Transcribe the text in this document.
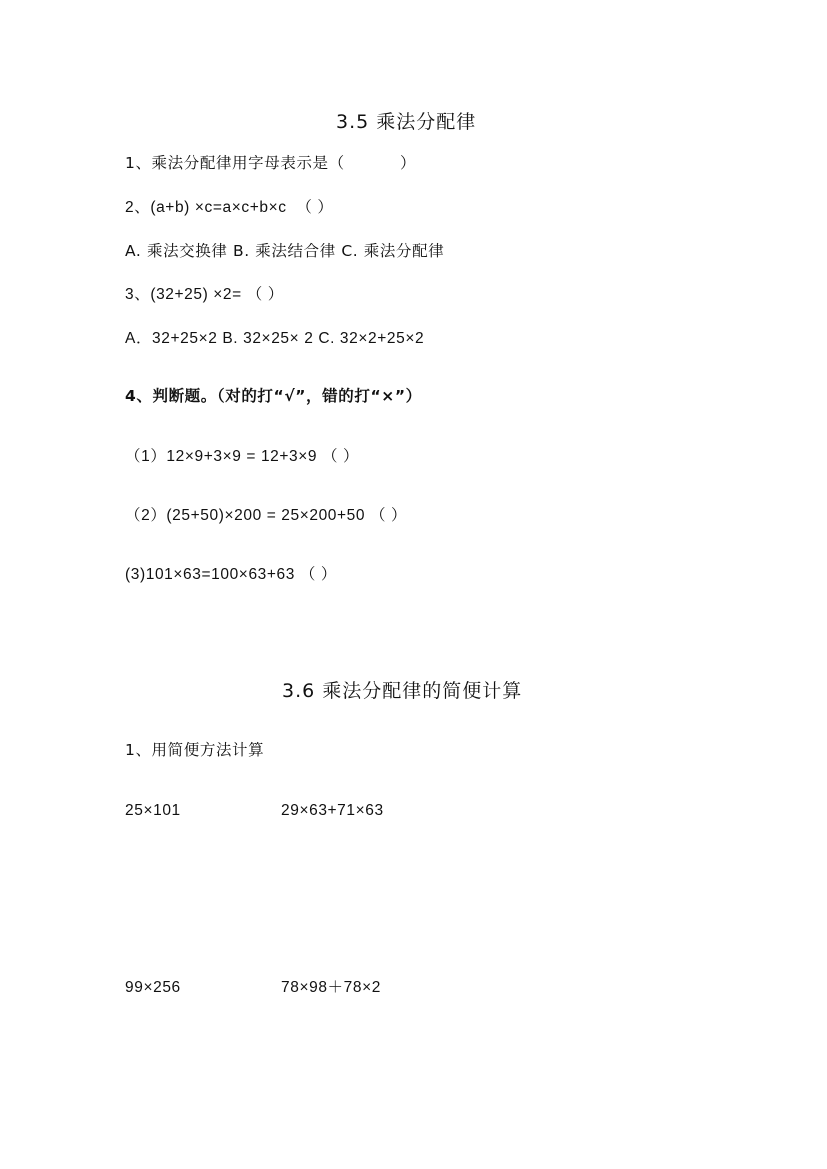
3.5 乘法分配律
1、乘法分配律用字母表示是（          ）
2、(a+b) ×c=a×c+b×c  （ ）
A. 乘法交换律 B. 乘法结合律 C. 乘法分配律
3、(32+25) ×2= （ ）
A．32+25×2 B. 32×25× 2 C. 32×2+25×2
4、判断题。（对的打“√”，错的打“×”）
（1）12×9+3×9 = 12+3×9 （ ）
（2）(25+50)×200 = 25×200+50 （ ）
(3)101×63=100×63+63 （ ）
3.6 乘法分配律的简便计算
1、用简便方法计算
25×101	29×63+71×63
99×256	78×98＋78×2
